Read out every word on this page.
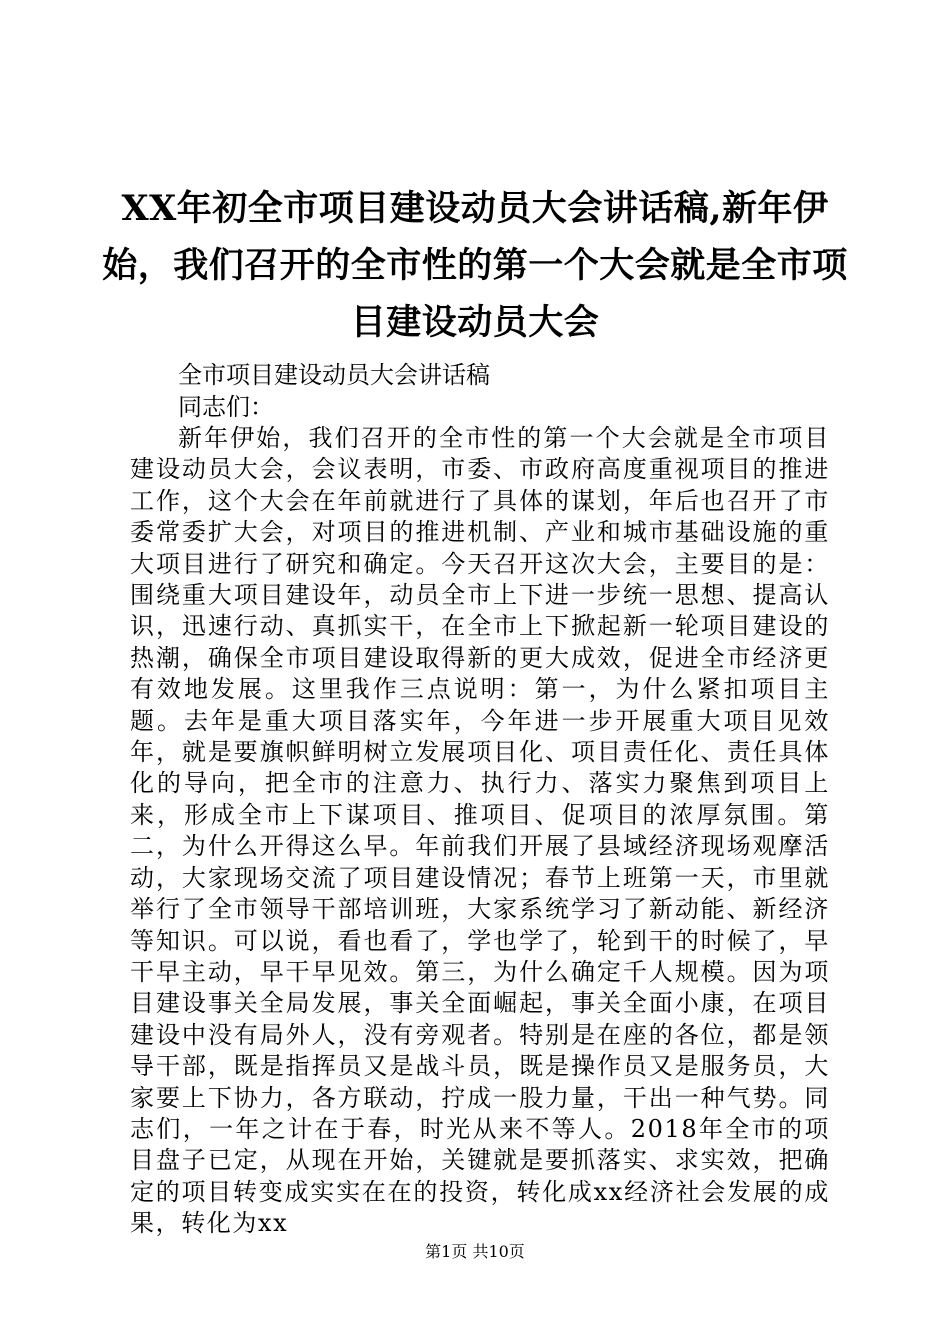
XX年初全市项目建设动员大会讲话稿,新年伊始，我们召开的全市性的第一个大会就是全市项目建设动员大会

全市项目建设动员大会讲话稿

同志们：

新年伊始，我们召开的全市性的第一个大会就是全市项目建设动员大会，会议表明，市委、市政府高度重视项目的推进工作，这个大会在年前就进行了具体的谋划，年后也召开了市委常委扩大会，对项目的推进机制、产业和城市基础设施的重大项目进行了研究和确定。今天召开这次大会，主要目的是：围绕重大项目建设年，动员全市上下进一步统一思想、提高认识，迅速行动、真抓实干，在全市上下掀起新一轮项目建设的热潮，确保全市项目建设取得新的更大成效，促进全市经济更有效地发展。这里我作三点说明：第一，为什么紧扣项目主题。去年是重大项目落实年，今年进一步开展重大项目见效年，就是要旗帜鲜明树立发展项目化、项目责任化、责任具体化的导向，把全市的注意力、执行力、落实力聚焦到项目上来，形成全市上下谋项目、推项目、促项目的浓厚氛围。第二，为什么开得这么早。年前我们开展了县域经济现场观摩活动，大家现场交流了项目建设情况；春节上班第一天，市里就举行了全市领导干部培训班，大家系统学习了新动能、新经济等知识。可以说，看也看了，学也学了，轮到干的时候了，早干早主动，早干早见效。第三，为什么确定千人规模。因为项目建设事关全局发展，事关全面崛起，事关全面小康，在项目建设中没有局外人，没有旁观者。特别是在座的各位，都是领导干部，既是指挥员又是战斗员，既是操作员又是服务员，大家要上下协力，各方联动，拧成一股力量，干出一种气势。同志们，一年之计在于春，时光从来不等人。2018年全市的项目盘子已定，从现在开始，关键就是要抓落实、求实效，把确定的项目转变成实实在在的投资，转化成xx经济社会发展的成果，转化为xx

第1页 共10页
